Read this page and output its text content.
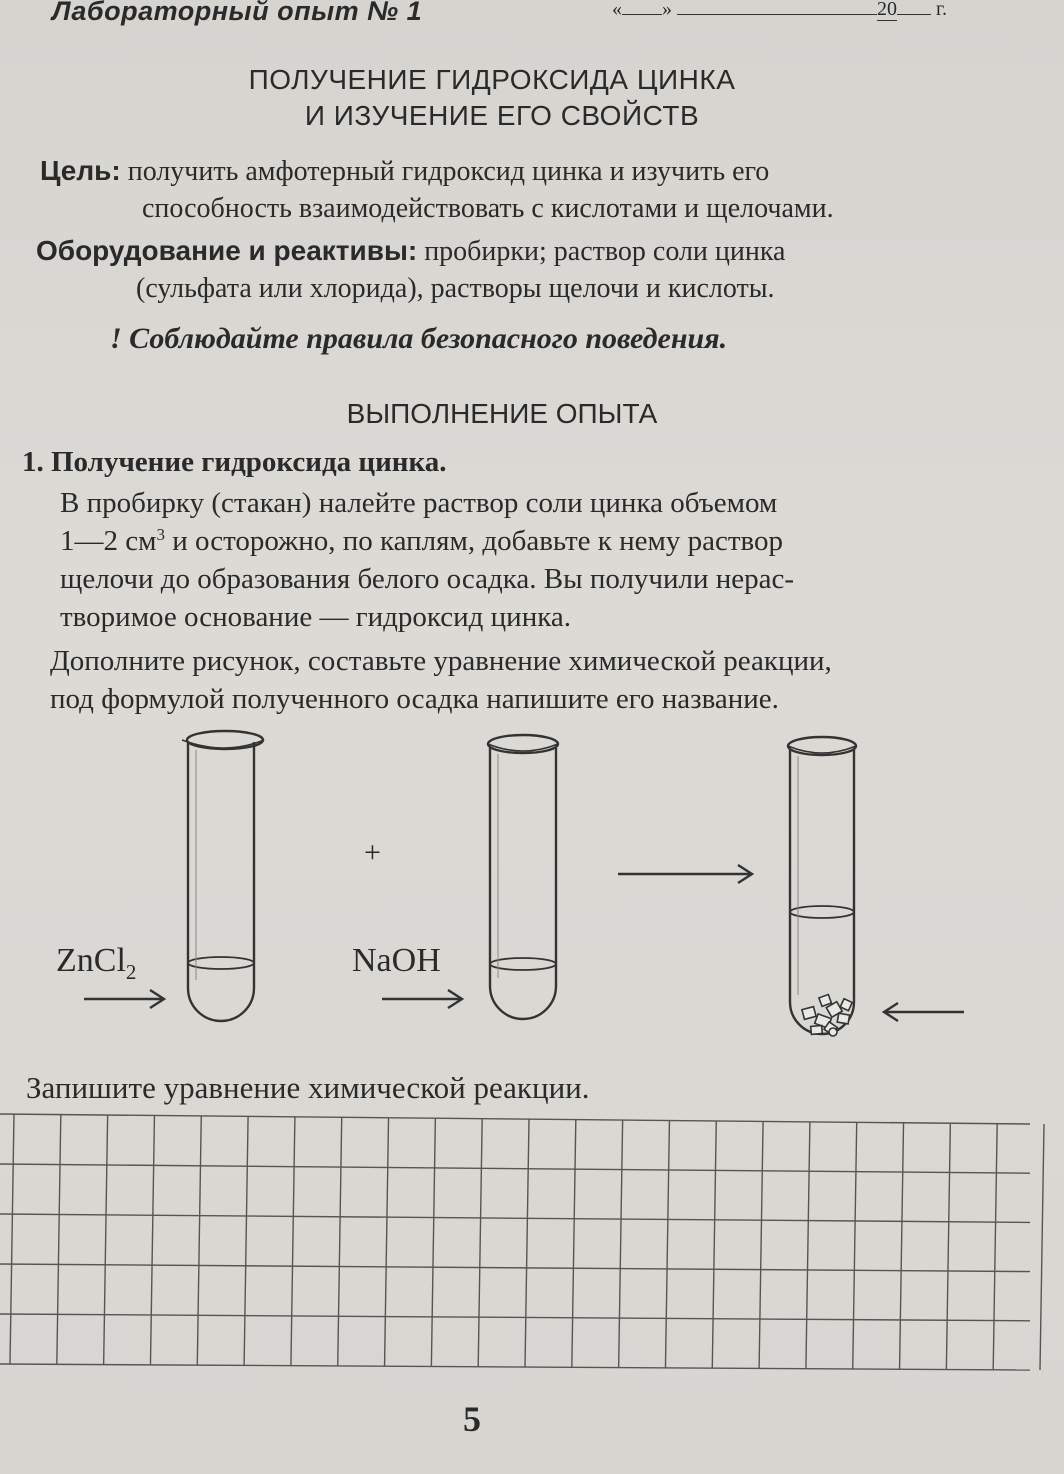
Лабораторный опыт № 1	« »	20 г.
ПОЛУЧЕНИЕ ГИДРОКСИДА ЦИНКА
И ИЗУЧЕНИЕ ЕГО СВОЙСТВ
Цель: получить амфотерный гидроксид цинка и изучить его
способность взаимодействовать с кислотами и щелочами.
Оборудование и реактивы: пробирки; раствор соли цинка
(сульфата или хлорида), растворы щелочи и кислоты.
! Соблюдайте правила безопасного поведения.
ВЫПОЛНЕНИЕ ОПЫТА
1. Получение гидроксида цинка.
В пробирку (стакан) налейте раствор соли цинка объемом
1—2 $см^3$ и осторожно, по каплям, добавьте к нему раствор
щелочи до образования белого осадка. Вы получили нерас-
творимое основание — гидроксид цинка.
Дополните рисунок, составьте уравнение химической реакции,
под формулой полученного осадка напишите его название.
ZnCl$_2$
+
NaOH
Запишите уравнение химической реакции.
5
